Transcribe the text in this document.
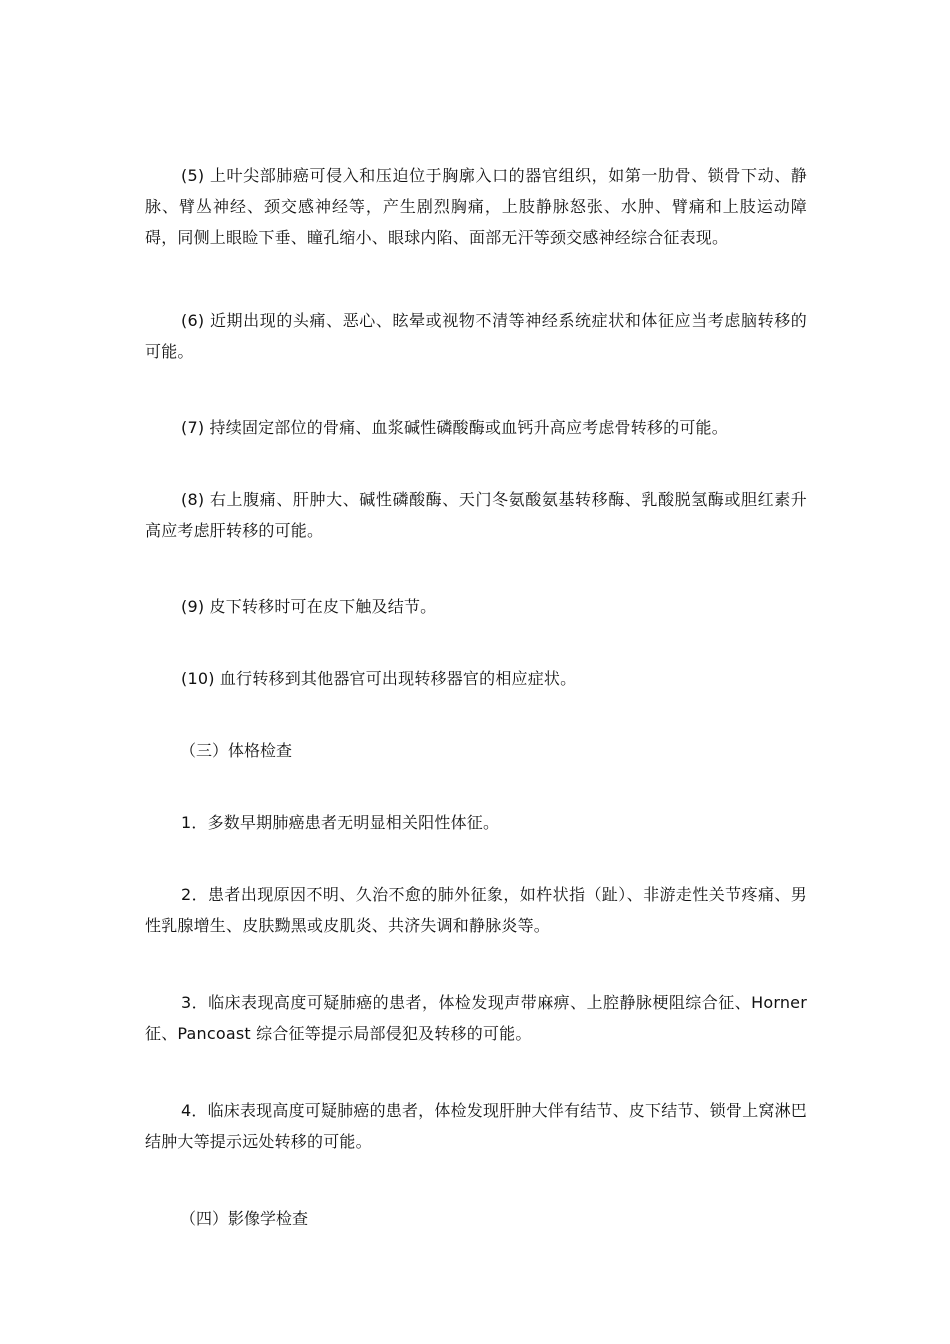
(5) 上叶尖部肺癌可侵入和压迫位于胸廓入口的器官组织，如第一肋骨、锁骨下动、静脉、臂丛神经、颈交感神经等，产生剧烈胸痛，上肢静脉怒张、水肿、臂痛和上肢运动障碍，同侧上眼睑下垂、瞳孔缩小、眼球内陷、面部无汗等颈交感神经综合征表现。

(6) 近期出现的头痛、恶心、眩晕或视物不清等神经系统症状和体征应当考虑脑转移的可能。

(7) 持续固定部位的骨痛、血浆碱性磷酸酶或血钙升高应考虑骨转移的可能。

(8) 右上腹痛、肝肿大、碱性磷酸酶、天门冬氨酸氨基转移酶、乳酸脱氢酶或胆红素升高应考虑肝转移的可能。

(9) 皮下转移时可在皮下触及结节。

(10) 血行转移到其他器官可出现转移器官的相应症状。

（三）体格检查

1．多数早期肺癌患者无明显相关阳性体征。

2．患者出现原因不明、久治不愈的肺外征象，如杵状指（趾）、非游走性关节疼痛、男性乳腺增生、皮肤黝黑或皮肌炎、共济失调和静脉炎等。

3．临床表现高度可疑肺癌的患者，体检发现声带麻痹、上腔静脉梗阻综合征、Horner征、Pancoast 综合征等提示局部侵犯及转移的可能。

4．临床表现高度可疑肺癌的患者，体检发现肝肿大伴有结节、皮下结节、锁骨上窝淋巴结肿大等提示远处转移的可能。

（四）影像学检查
